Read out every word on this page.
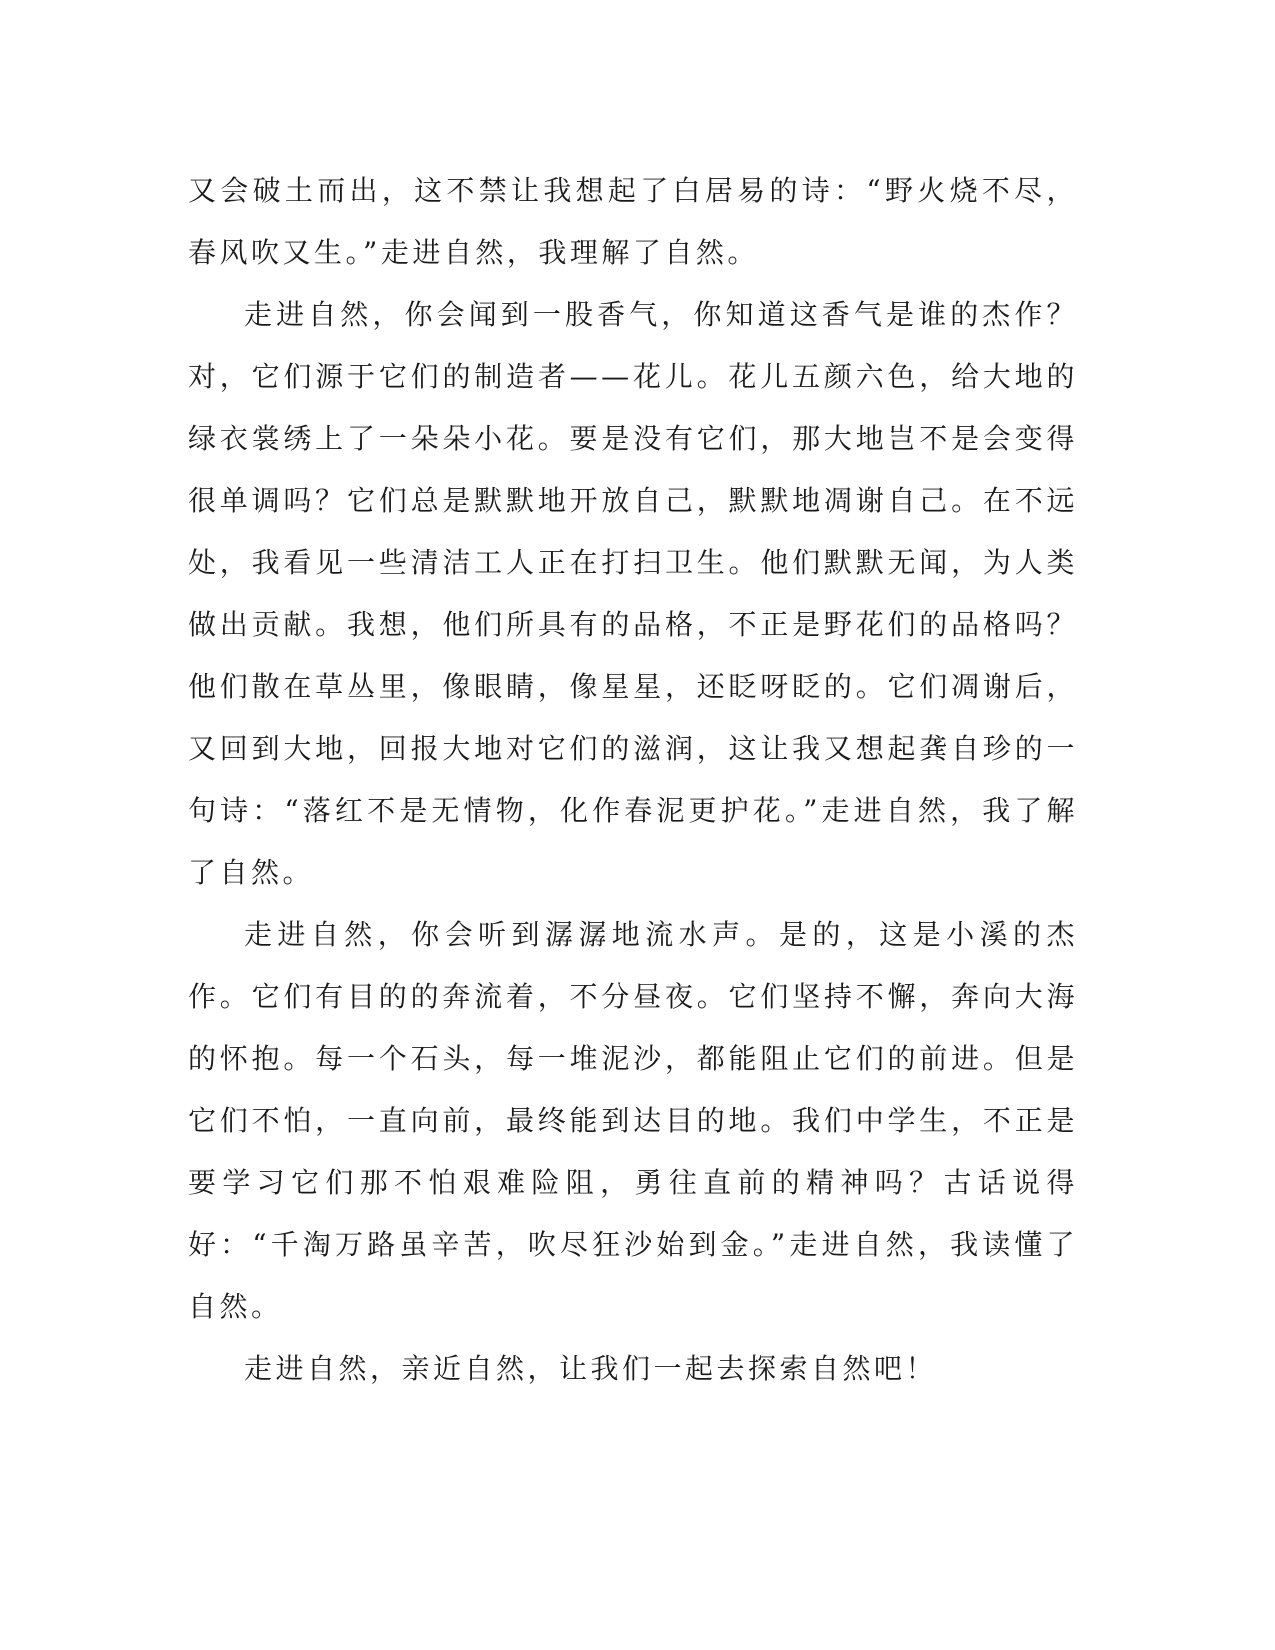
又会破土而出，这不禁让我想起了白居易的诗：“野火烧不尽，春风吹又生。”走进自然，我理解了自然。

走进自然，你会闻到一股香气，你知道这香气是谁的杰作？对，它们源于它们的制造者——花儿。花儿五颜六色，给大地的绿衣裳绣上了一朵朵小花。要是没有它们，那大地岂不是会变得很单调吗？它们总是默默地开放自己，默默地凋谢自己。在不远处，我看见一些清洁工人正在打扫卫生。他们默默无闻，为人类做出贡献。我想，他们所具有的品格，不正是野花们的品格吗？他们散在草丛里，像眼睛，像星星，还眨呀眨的。它们凋谢后，又回到大地，回报大地对它们的滋润，这让我又想起龚自珍的一句诗：“落红不是无情物，化作春泥更护花。”走进自然，我了解了自然。

走进自然，你会听到潺潺地流水声。是的，这是小溪的杰作。它们有目的的奔流着，不分昼夜。它们坚持不懈，奔向大海的怀抱。每一个石头，每一堆泥沙，都能阻止它们的前进。但是它们不怕，一直向前，最终能到达目的地。我们中学生，不正是要学习它们那不怕艰难险阻，勇往直前的精神吗？古话说得好：“千淘万路虽辛苦，吹尽狂沙始到金。”走进自然，我读懂了自然。

走进自然，亲近自然，让我们一起去探索自然吧！
